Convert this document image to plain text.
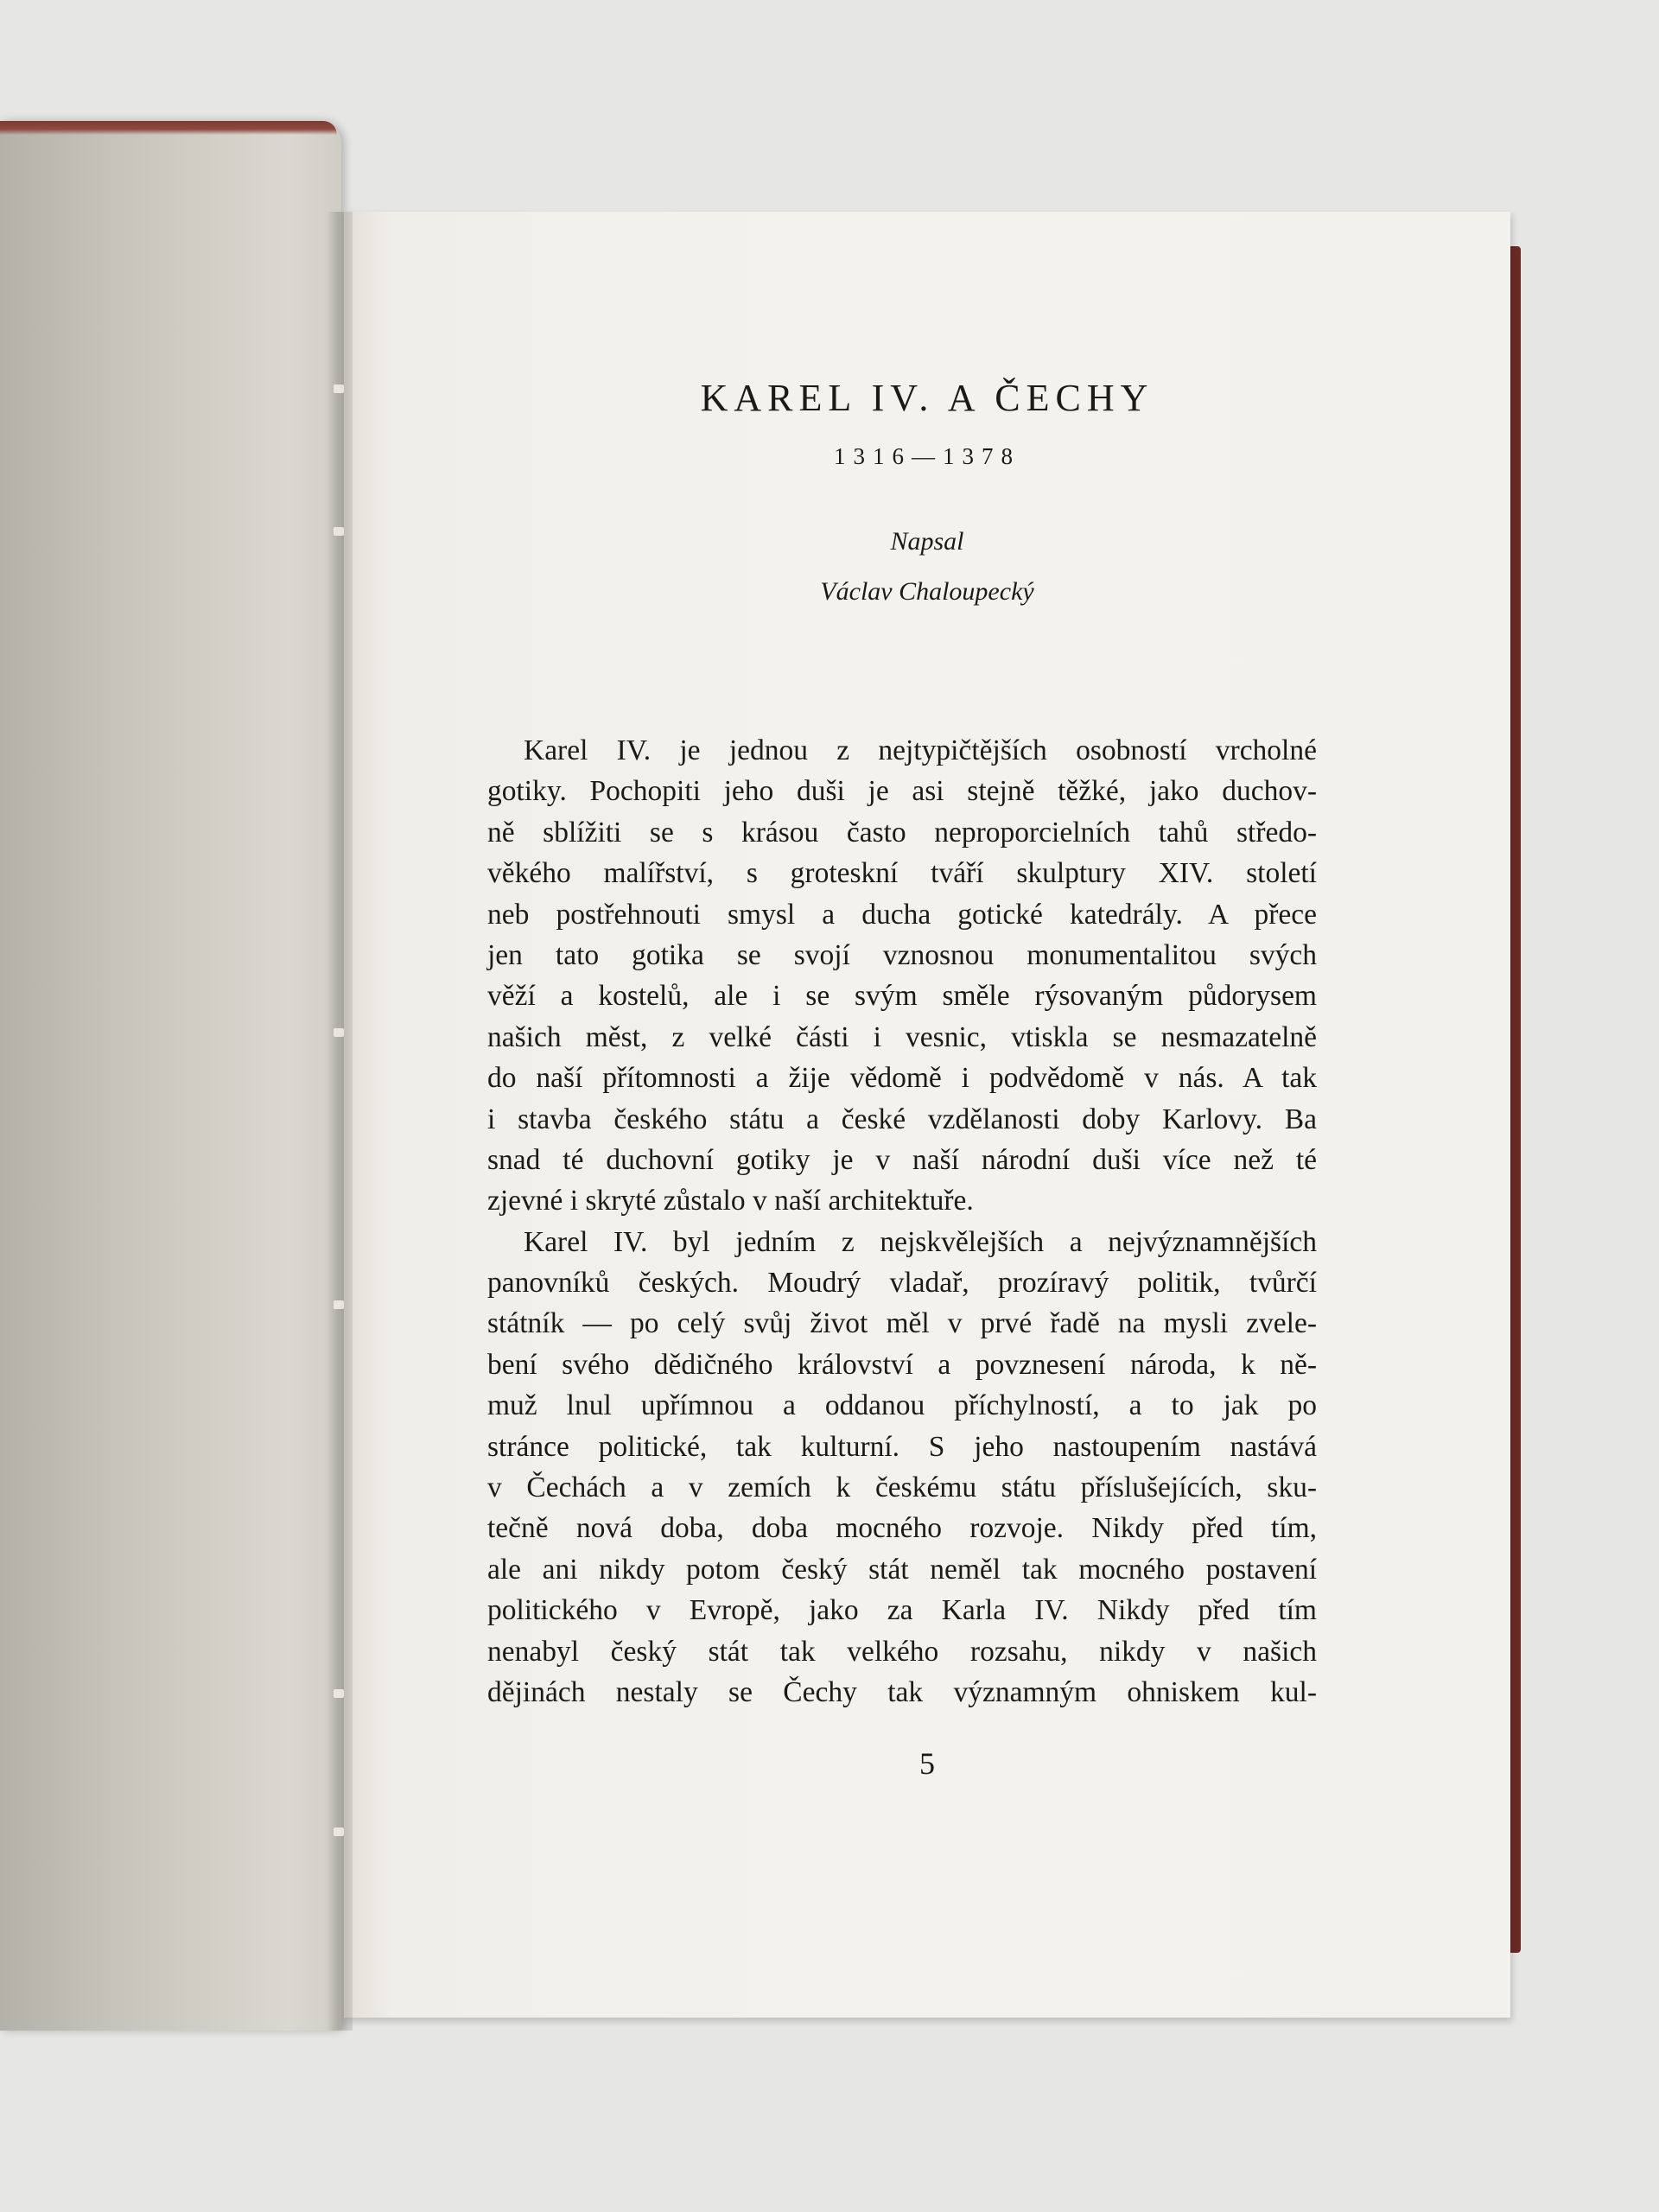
KAREL IV. A ČECHY
1316—1378
Napsal
Václav Chaloupecký
Karel IV. je jednou z nejtypičtějších osobností vrcholné
gotiky. Pochopiti jeho duši je asi stejně těžké, jako duchov-
ně sblížiti se s krásou často neproporcielních tahů středo-
věkého malířství, s groteskní tváří skulptury XIV. století
neb postřehnouti smysl a ducha gotické katedrály. A přece
jen tato gotika se svojí vznosnou monumentalitou svých
věží a kostelů, ale i se svým směle rýsovaným půdorysem
našich měst, z velké části i vesnic, vtiskla se nesmazatelně
do naší přítomnosti a žije vědomě i podvědomě v nás. A tak
i stavba českého státu a české vzdělanosti doby Karlovy. Ba
snad té duchovní gotiky je v naší národní duši více než té
zjevné i skryté zůstalo v naší architektuře.
Karel IV. byl jedním z nejskvělejších a nejvýznamnějších
panovníků českých. Moudrý vladař, prozíravý politik, tvůrčí
státník — po celý svůj život měl v prvé řadě na mysli zvele-
bení svého dědičného království a povznesení národa, k ně-
muž lnul upřímnou a oddanou příchylností, a to jak po
stránce politické, tak kulturní. S jeho nastoupením nastává
v Čechách a v zemích k českému státu příslušejících, sku-
tečně nová doba, doba mocného rozvoje. Nikdy před tím,
ale ani nikdy potom český stát neměl tak mocného postavení
politického v Evropě, jako za Karla IV. Nikdy před tím
nenabyl český stát tak velkého rozsahu, nikdy v našich
dějinách nestaly se Čechy tak významným ohniskem kul-
5
